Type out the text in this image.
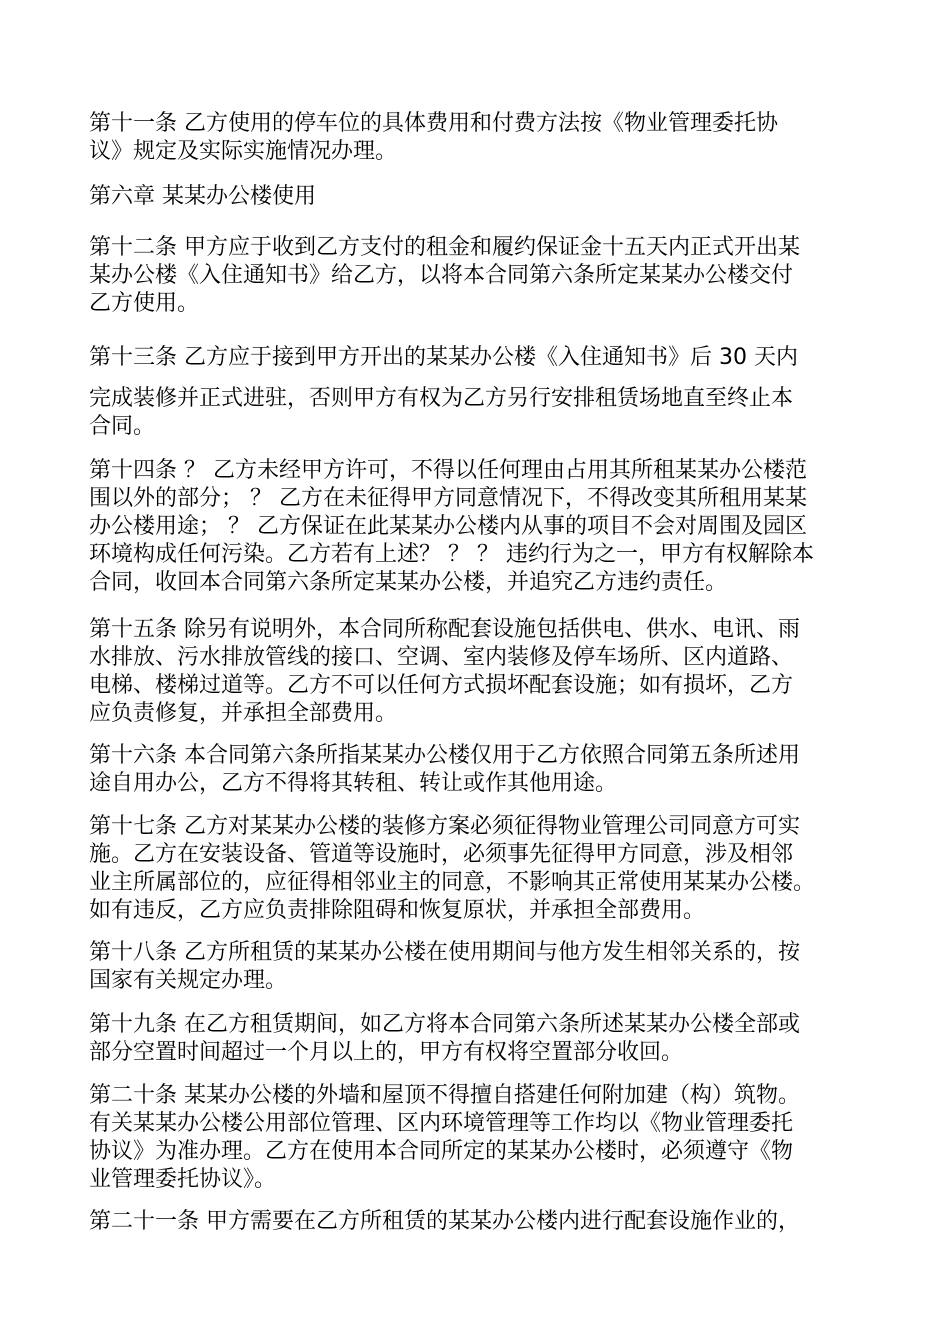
第十一条 乙方使用的停车位的具体费用和付费方法按《物业管理委托协
议》规定及实际实施情况办理。

第六章 某某办公楼使用

第十二条 甲方应于收到乙方支付的租金和履约保证金十五天内正式开出某
某办公楼《入住通知书》给乙方，以将本合同第六条所定某某办公楼交付
乙方使用。

第十三条 乙方应于接到甲方开出的某某办公楼《入住通知书》后 30 天内

完成装修并正式进驻，否则甲方有权为乙方另行安排租赁场地直至终止本
合同。

第十四条 ？ 乙方未经甲方许可，不得以任何理由占用其所租某某办公楼范
围以外的部分； ？ 乙方在未征得甲方同意情况下，不得改变其所租用某某
办公楼用途； ？ 乙方保证在此某某办公楼内从事的项目不会对周围及园区
环境构成任何污染。乙方若有上述？ ？ ？ 违约行为之一，甲方有权解除本
合同，收回本合同第六条所定某某办公楼，并追究乙方违约责任。

第十五条 除另有说明外，本合同所称配套设施包括供电、供水、电讯、雨
水排放、污水排放管线的接口、空调、室内装修及停车场所、区内道路、
电梯、楼梯过道等。乙方不可以任何方式损坏配套设施；如有损坏，乙方
应负责修复，并承担全部费用。

第十六条 本合同第六条所指某某办公楼仅用于乙方依照合同第五条所述用
途自用办公，乙方不得将其转租、转让或作其他用途。

第十七条 乙方对某某办公楼的装修方案必须征得物业管理公司同意方可实
施。乙方在安装设备、管道等设施时，必须事先征得甲方同意，涉及相邻
业主所属部位的，应征得相邻业主的同意，不影响其正常使用某某办公楼。
如有违反，乙方应负责排除阻碍和恢复原状，并承担全部费用。

第十八条 乙方所租赁的某某办公楼在使用期间与他方发生相邻关系的，按
国家有关规定办理。

第十九条 在乙方租赁期间，如乙方将本合同第六条所述某某办公楼全部或
部分空置时间超过一个月以上的，甲方有权将空置部分收回。

第二十条 某某办公楼的外墙和屋顶不得擅自搭建任何附加建（构）筑物。
有关某某办公楼公用部位管理、区内环境管理等工作均以《物业管理委托
协议》为准办理。乙方在使用本合同所定的某某办公楼时，必须遵守《物
业管理委托协议》。

第二十一条 甲方需要在乙方所租赁的某某办公楼内进行配套设施作业的，
